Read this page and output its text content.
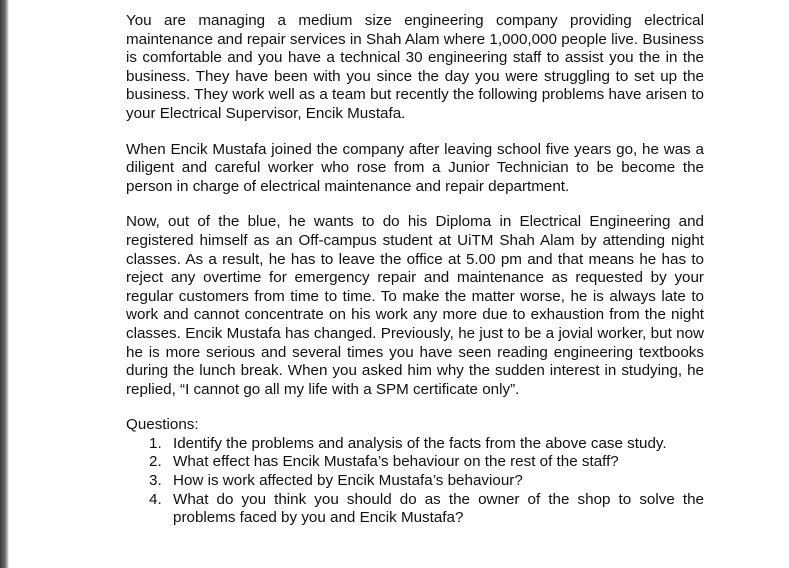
You are managing a medium size engineering company providing electrical maintenance and repair services in Shah Alam where 1,000,000 people live. Business is comfortable and you have a technical 30 engineering staff to assist you the in the business. They have been with you since the day you were struggling to set up the business. They work well as a team but recently the following problems have arisen to your Electrical Supervisor, Encik Mustafa.

When Encik Mustafa joined the company after leaving school five years go, he was a diligent and careful worker who rose from a Junior Technician to be become the person in charge of electrical maintenance and repair department.

Now, out of the blue, he wants to do his Diploma in Electrical Engineering and registered himself as an Off-campus student at UiTM Shah Alam by attending night classes. As a result, he has to leave the office at 5.00 pm and that means he has to reject any overtime for emergency repair and maintenance as requested by your regular customers from time to time. To make the matter worse, he is always late to work and cannot concentrate on his work any more due to exhaustion from the night classes. Encik Mustafa has changed. Previously, he just to be a jovial worker, but now he is more serious and several times you have seen reading engineering textbooks during the lunch break. When you asked him why the sudden interest in studying, he replied, “I cannot go all my life with a SPM certificate only”.

Questions:
1. Identify the problems and analysis of the facts from the above case study.
2. What effect has Encik Mustafa’s behaviour on the rest of the staff?
3. How is work affected by Encik Mustafa’s behaviour?
4. What do you think you should do as the owner of the shop to solve the problems faced by you and Encik Mustafa?
